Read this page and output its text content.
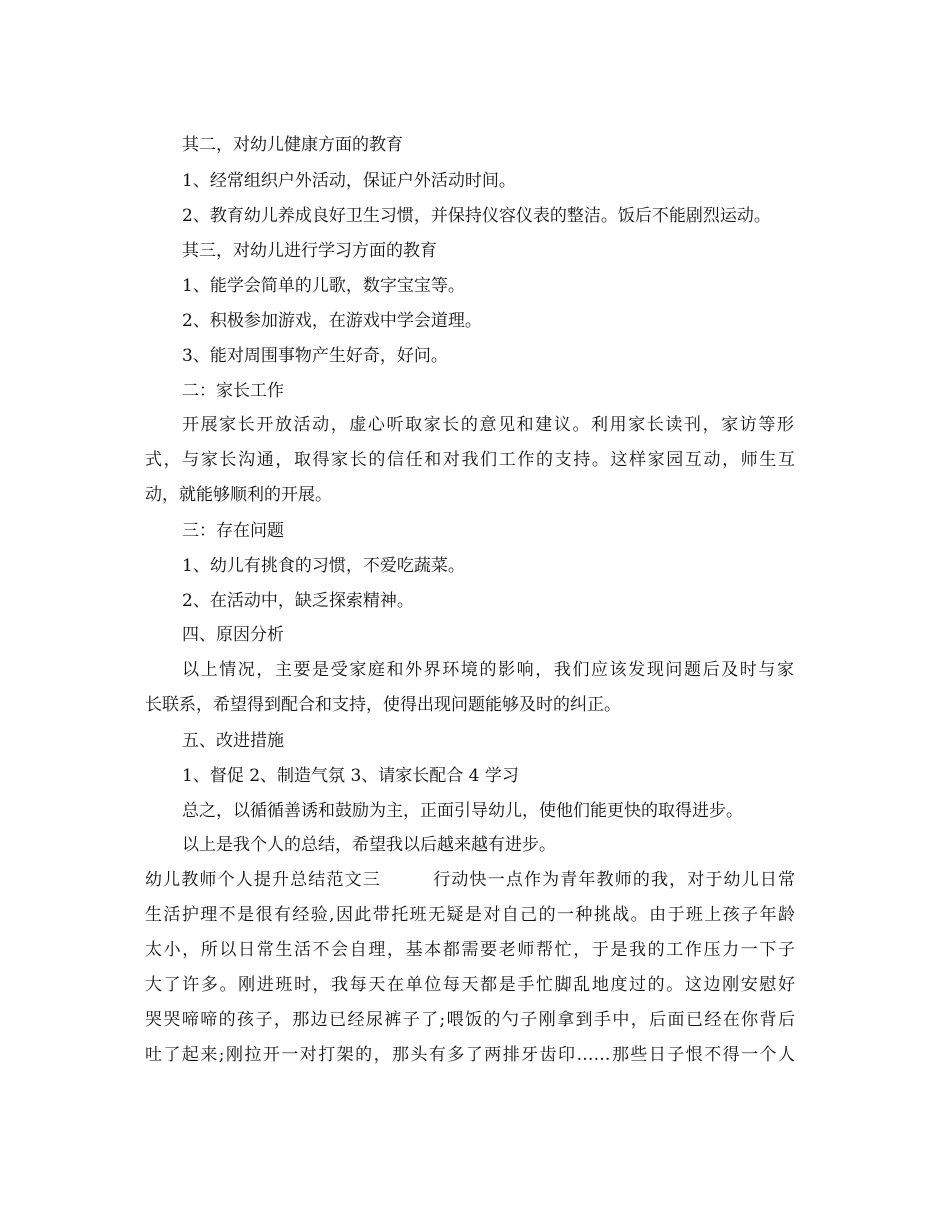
其二，对幼儿健康方面的教育
1、经常组织户外活动，保证户外活动时间。
2、教育幼儿养成良好卫生习惯，并保持仪容仪表的整洁。饭后不能剧烈运动。
其三，对幼儿进行学习方面的教育
1、能学会简单的儿歌，数字宝宝等。
2、积极参加游戏，在游戏中学会道理。
3、能对周围事物产生好奇，好问。
二：家长工作
开展家长开放活动，虚心听取家长的意见和建议。利用家长读刊，家访等形
式，与家长沟通，取得家长的信任和对我们工作的支持。这样家园互动，师生互
动，就能够顺利的开展。
三：存在问题
1、幼儿有挑食的习惯，不爱吃蔬菜。
2、在活动中，缺乏探索精神。
四、原因分析
以上情况，主要是受家庭和外界环境的影响，我们应该发现问题后及时与家
长联系，希望得到配合和支持，使得出现问题能够及时的纠正。
五、改进措施
1、督促 2、制造气氛 3、请家长配合 4 学习
总之，以循循善诱和鼓励为主，正面引导幼儿，使他们能更快的取得进步。
以上是我个人的总结，希望我以后越来越有进步。
幼儿教师个人提升总结范文三        行动快一点作为青年教师的我，对于幼儿日常
生活护理不是很有经验,因此带托班无疑是对自己的一种挑战。由于班上孩子年龄
太小，所以日常生活不会自理，基本都需要老师帮忙，于是我的工作压力一下子
大了许多。刚进班时，我每天在单位每天都是手忙脚乱地度过的。这边刚安慰好
哭哭啼啼的孩子，那边已经尿裤子了;喂饭的勺子刚拿到手中，后面已经在你背后
吐了起来;刚拉开一对打架的，那头有多了两排牙齿印……那些日子恨不得一个人
